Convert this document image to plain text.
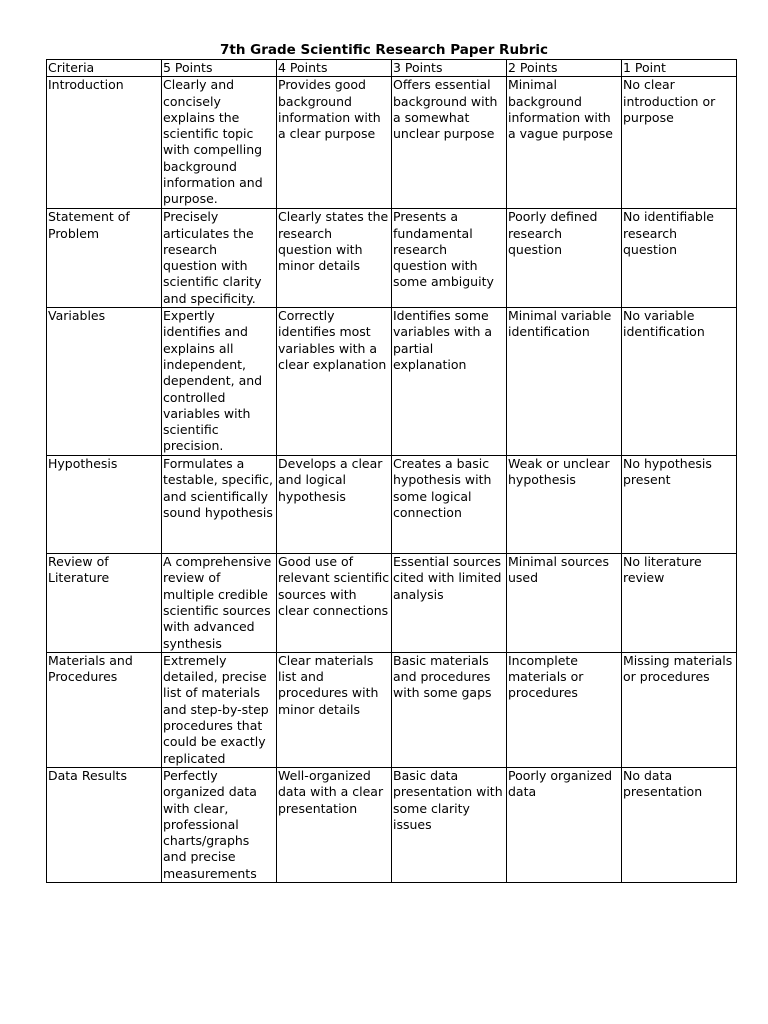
7th Grade Scientific Research Paper Rubric
Criteria	5 Points	4 Points	3 Points	2 Points	1 Point
Introduction	Clearly and concisely explains the scientific topic with compelling background information and purpose.	Provides good background information with a clear purpose	Offers essential background with a somewhat unclear purpose	Minimal background information with a vague purpose	No clear introduction or purpose
Statement of Problem	Precisely articulates the research question with scientific clarity and specificity.	Clearly states the research question with minor details	Presents a fundamental research question with some ambiguity	Poorly defined research question	No identifiable research question
Variables	Expertly identifies and explains all independent, dependent, and controlled variables with scientific precision.	Correctly identifies most variables with a clear explanation	Identifies some variables with a partial explanation	Minimal variable identification	No variable identification
Hypothesis	Formulates a testable, specific, and scientifically sound hypothesis	Develops a clear and logical hypothesis	Creates a basic hypothesis with some logical connection	Weak or unclear hypothesis	No hypothesis present
Review of Literature	A comprehensive review of multiple credible scientific sources with advanced synthesis	Good use of relevant scientific sources with clear connections	Essential sources cited with limited analysis	Minimal sources used	No literature review
Materials and Procedures	Extremely detailed, precise list of materials and step-by-step procedures that could be exactly replicated	Clear materials list and procedures with minor details	Basic materials and procedures with some gaps	Incomplete materials or procedures	Missing materials or procedures
Data Results	Perfectly organized data with clear, professional charts/graphs and precise measurements	Well-organized data with a clear presentation	Basic data presentation with some clarity issues	Poorly organized data	No data presentation
